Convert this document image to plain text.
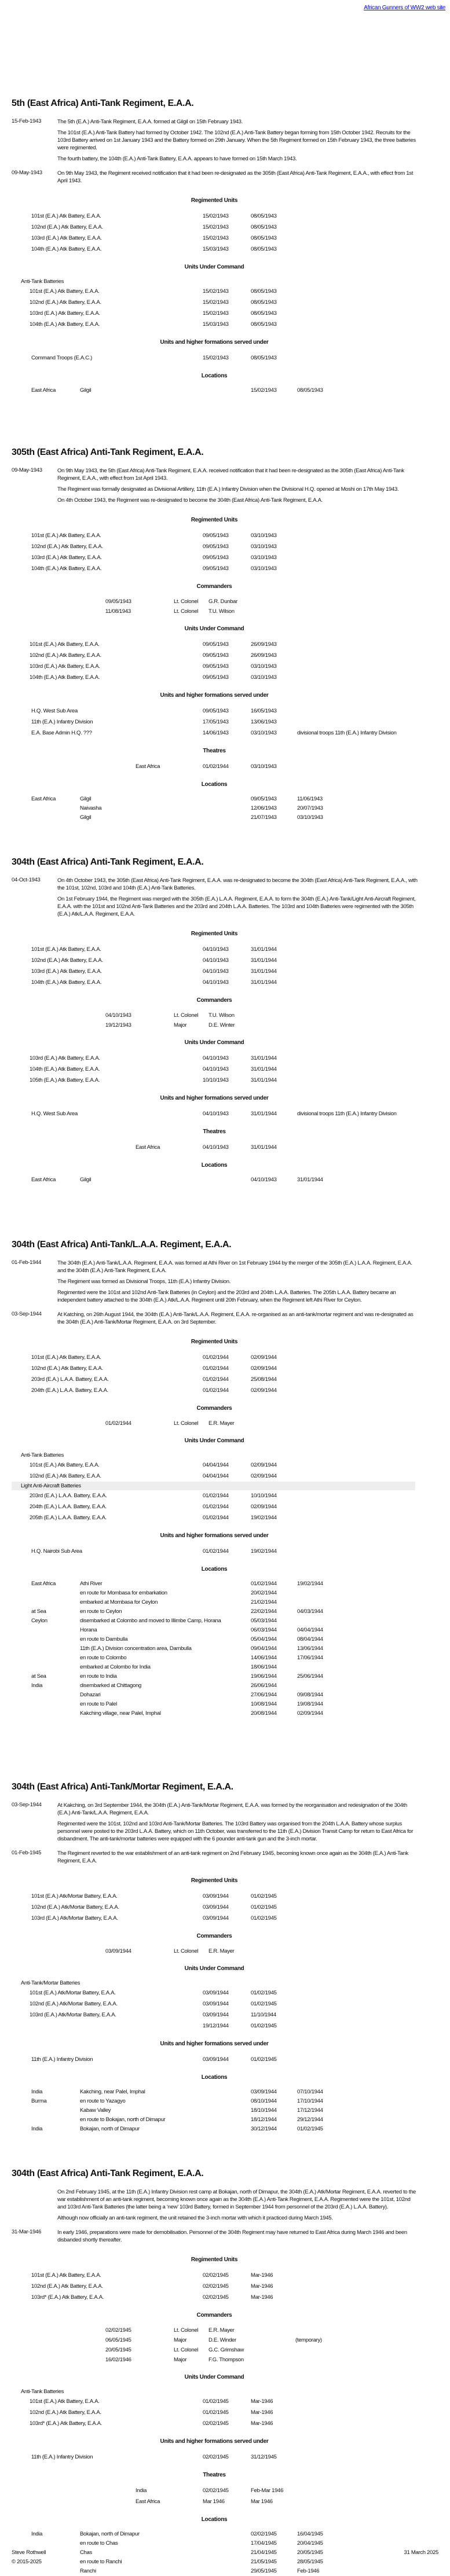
African Gunners of WW2 web site
5th (East Africa) Anti-Tank Regiment, E.A.A.
15-Feb-1943	The 5th (E.A.) Anti-Tank Regiment, E.A.A. formed at Gilgil on 15th February 1943.

The 101st (E.A.) Anti-Tank Battery had formed by October 1942. The 102nd (E.A.) Anti-Tank Battery began forming from 15th October 1942. Recruits for the 103rd Battery arrived on 1st January 1943 and the Battery formed on 29th January. When the 5th Regiment formed on 15th February 1943, the three batteries were regimented.

The fourth battery, the 104th (E.A.) Anti-Tank Battery, E.A.A. appears to have formed on 15th March 1943.

09-May-1943	On 9th May 1943, the Regiment received notification that it had been re-designated as the 305th (East Africa) Anti-Tank Regiment, E.A.A., with effect from 1st April 1943.

Regimented Units
101st (E.A.) Atk Battery, E.A.A.	15/02/1943	08/05/1943
102nd (E.A.) Atk Battery, E.A.A.	15/02/1943	08/05/1943
103rd (E.A.) Atk Battery, E.A.A.	15/02/1943	08/05/1943
104th (E.A.) Atk Battery, E.A.A.	15/03/1943	08/05/1943
Units Under Command
Anti-Tank Batteries
101st (E.A.) Atk Battery, E.A.A.	15/02/1943	08/05/1943
102nd (E.A.) Atk Battery, E.A.A.	15/02/1943	08/05/1943
103rd (E.A.) Atk Battery, E.A.A.	15/02/1943	08/05/1943
104th (E.A.) Atk Battery, E.A.A.	15/03/1943	08/05/1943
Units and higher formations served under
Command Troops (E.A.C.)	15/02/1943	08/05/1943
Locations
East Africa	Gilgil	15/02/1943	08/05/1943
305th (East Africa) Anti-Tank Regiment, E.A.A.
09-May-1943	On 9th May 1943, the 5th (East Africa) Anti-Tank Regiment, E.A.A. received notification that it had been re-designated as the 305th (East Africa) Anti-Tank Regiment, E.A.A., with effect from 1st April 1943.

The Regiment was formally designated as Divisional Artillery, 11th (E.A.) Infantry Division when the Divisional H.Q. opened at Moshi on 17th May 1943.

On 4th October 1943, the Regiment was re-designated to become the 304th (East Africa) Anti-Tank Regiment, E.A.A.

Regimented Units
101st (E.A.) Atk Battery, E.A.A.	09/05/1943	03/10/1943
102nd (E.A.) Atk Battery, E.A.A.	09/05/1943	03/10/1943
103rd (E.A.) Atk Battery, E.A.A.	09/05/1943	03/10/1943
104th (E.A.) Atk Battery, E.A.A.	09/05/1943	03/10/1943
Commanders
09/05/1943	Lt. Colonel	G.R. Dunbar
11/08/1943	Lt. Colonel	T.U. Wilson
Units Under Command
101st (E.A.) Atk Battery, E.A.A.	09/05/1943	26/09/1943
102nd (E.A.) Atk Battery, E.A.A.	09/05/1943	26/09/1943
103rd (E.A.) Atk Battery, E.A.A.	09/05/1943	03/10/1943
104th (E.A.) Atk Battery, E.A.A.	09/05/1943	03/10/1943
Units and higher formations served under
H.Q. West Sub Area	09/05/1943	16/05/1943
11th (E.A.) Infantry Division	17/05/1943	13/06/1943
E.A. Base Admin H.Q. ???	14/06/1943	03/10/1943	divisional troops 11th (E.A.) Infantry Division
Theatres
East Africa	01/02/1944	03/10/1943
Locations
East Africa	Gilgil	09/05/1943	11/06/1943
Naivasha	12/06/1943	20/07/1943
Gilgil	21/07/1943	03/10/1943
304th (East Africa) Anti-Tank Regiment, E.A.A.
04-Oct-1943	On 4th October 1943, the 305th (East Africa) Anti-Tank Regiment, E.A.A. was re-designated to become the 304th (East Africa) Anti-Tank Regiment, E.A.A., with the 101st, 102nd, 103rd and 104th (E.A.) Anti-Tank Batteries.

On 1st February 1944, the Regiment was merged with the 305th (E.A.) L.A.A. Regiment, E.A.A. to form the 304th (E.A.) Anti-Tank/Light Anti-Aircraft Regiment, E.A.A. with the 101st and 102nd Anti-Tank Batteries and the 203rd and 204th L.A.A. Batteries. The 103rd and 104th Batteries were regimented with the 305th (E.A.) Atk/L.A.A. Regiment, E.A.A.

Regimented Units
101st (E.A.) Atk Battery, E.A.A.	04/10/1943	31/01/1944
102nd (E.A.) Atk Battery, E.A.A.	04/10/1943	31/01/1944
103rd (E.A.) Atk Battery, E.A.A.	04/10/1943	31/01/1944
104th (E.A.) Atk Battery, E.A.A.	04/10/1943	31/01/1944
Commanders
04/10/1943	Lt. Colonel	T.U. Wilson
19/12/1943	Major	D.E. Winter
Units Under Command
103rd (E.A.) Atk Battery, E.A.A.	04/10/1943	31/01/1944
104th (E.A.) Atk Battery, E.A.A.	04/10/1943	31/01/1944
105th (E.A.) Atk Battery, E.A.A.	10/10/1943	31/01/1944
Units and higher formations served under
H.Q. West Sub Area	04/10/1943	31/01/1944	divisional troops 11th (E.A.) Infantry Division
Theatres
East Africa	04/10/1943	31/01/1944
Locations
East Africa	Gilgil	04/10/1943	31/01/1944
304th (East Africa) Anti-Tank/L.A.A. Regiment, E.A.A.
01-Feb-1944	The 304th (E.A.) Anti-Tank/L.A.A. Regiment, E.A.A. was formed at Athi River on 1st February 1944 by the merger of the 305th (E.A.) L.A.A. Regiment, E.A.A. and the 304th (E.A.) Anti-Tank Regiment, E.A.A.

The Regiment was formed as Divisional Troops, 11th (E.A.) Infantry Division.

Regimented were the 101st and 102nd Anti-Tank Batteries (in Ceylon) and the 203rd and 204th L.A.A. Batteries. The 205th L.A.A. Battery became an independent battery attached to the 304th (E.A.) Atk/L.A.A. Regiment until 20th February, when the Regiment left Athi River for Ceylon.

03-Sep-1944	At Katching, on 26th August 1944, the 304th (E.A.) Anti-Tank/L.A.A. Regiment, E.A.A. re-organised as an anti-tank/mortar regiment and was re-designated as the 304th (E.A.) Anti-Tank/Mortar Regiment, E.A.A. on 3rd September.

Regimented Units
101st (E.A.) Atk Battery, E.A.A.	01/02/1944	02/09/1944
102nd (E.A.) Atk Battery, E.A.A.	01/02/1944	02/09/1944
203rd (E.A.) L.A.A. Battery, E.A.A.	01/02/1944	25/08/1944
204th (E.A.) L.A.A. Battery, E.A.A.	01/02/1944	02/09/1944
Commanders
01/02/1944	Lt. Colonel	E.R. Mayer
Units Under Command
Anti-Tank Batteries
101st (E.A.) Atk Battery, E.A.A.	04/04/1944	02/09/1944
102nd (E.A.) Atk Battery, E.A.A.	04/04/1944	02/09/1944
Light Anti-Aircraft Batteries
203rd (E.A.) L.A.A. Battery, E.A.A.	01/02/1944	10/10/1944
204th (E.A.) L.A.A. Battery, E.A.A.	01/02/1944	02/09/1944
205th (E.A.) L.A.A. Battery, E.A.A.	01/02/1944	19/02/1944
Units and higher formations served under
H.Q. Nairobi Sub Area	01/02/1944	19/02/1944
Locations
East Africa	Athi River	01/02/1944	19/02/1944
en route for Mombasa for embarkation	20/02/1944
embarked at Mombasa for Ceylon	21/02/1944
at Sea	en route to Ceylon	22/02/1944	04/03/1944
Ceylon	disembarked at Colombo and moved to Illimbe Camp, Horana	05/03/1944
Horana	06/03/1944	04/04/1944
en route to Dambulla	05/04/1944	08/04/1944
11th (E.A.) Division concentration area, Dambulla	09/04/1944	13/06/1944
en route to Colombo	14/06/1944	17/06/1944
embarked at Colombo for India	18/06/1944
at Sea	en route to India	19/06/1944	25/06/1944
India	disembarked at Chittagong	26/06/1944
Dohazari	27/06/1944	09/08/1944
en route to Palel	10/08/1944	19/08/1944
Kakching village, near Palel, Imphal	20/08/1944	02/09/1944
304th (East Africa) Anti-Tank/Mortar Regiment, E.A.A.
03-Sep-1944	At Kakching, on 3rd September 1944, the 304th (E.A.) Anti-Tank/Mortar Regiment, E.A.A. was formed by the reorganisation and redesignation of the 304th (E.A.) Anti-Tank/L.A.A. Regiment, E.A.A.

Regimented were the 101st, 102nd and 103rd Anti-Tank/Mortar Batteries. The 103rd Battery was organised from the 204th L.A.A. Battery whose surplus personnel were posted to the 203rd L.A.A. Battery, which on 11th October, was transferred to the 11th (E.A.) Division Transit Camp for return to East Africa for disbandment. The anti-tank/mortar batteries were equipped with the 6 pounder anti-tank gun and the 3-inch mortar.

01-Feb-1945	The Regiment reverted to the war establishment of an anti-tank regiment on 2nd February 1945, becoming known once again as the 304th (E.A.) Anti-Tank Regiment, E.A.A.

Regimented Units
101st (E.A.) Atk/Mortar Battery, E.A.A.	03/09/1944	01/02/1945
102nd (E.A.) Atk/Mortar Battery, E.A.A.	03/09/1944	01/02/1945
103rd (E.A.) Atk/Mortar Battery, E.A.A.	03/09/1944	01/02/1945
Commanders
03/09/1944	Lt. Colonel	E.R. Mayer
Units Under Command
Anti-Tank/Mortar Batteries
101st (E.A.) Atk/Mortar Battery, E.A.A.	03/09/1944	01/02/1945
102nd (E.A.) Atk/Mortar Battery, E.A.A.	03/09/1944	01/02/1945
103rd (E.A.) Atk/Mortar Battery, E.A.A.	03/09/1944	11/10/1944
19/12/1944	01/02/1945
Units and higher formations served under
11th (E.A.) Infantry Division	03/09/1944	01/02/1945
Locations
India	Kakching, near Palel, Imphal	03/09/1944	07/10/1944
Burma	en route to Yazagyo	08/10/1944	17/10/1944
Kabaw Valley	18/10/1944	17/12/1944
en route to Bokajan, north of Dimapur	18/12/1944	29/12/1944
India	Bokajan, north of Dimapur	30/12/1944	01/02/1945
304th (East Africa) Anti-Tank Regiment, E.A.A.

On 2nd February 1945, at the 11th (E.A.) Infantry Division rest camp at Bokajan, north of Dimapur, the 304th (E.A.) Atk/Mortar Regiment, E.A.A. reverted to the war establishment of an anti-tank regiment, becoming known once again as the 304th (E.A.) Anti-Tank Regiment, E.A.A. Regimented were the 101st, 102nd and 103rd Anti-Tank Batteries (the latter being a ‘new’ 103rd Battery, formed in September 1944 from personnel of the 203rd (E.A.) L.A.A. Battery).

Although now officially an anti-tank regiment, the unit retained the 3-inch mortar with which it practiced during March 1945.

31-Mar-1946	In early 1946, preparations were made for demobilisation. Personnel of the 304th Regiment may have returned to East Africa during March 1946 and been disbanded shortly thereafter.

Regimented Units
101st (E.A.) Atk Battery, E.A.A.	02/02/1945	Mar-1946
102nd (E.A.) Atk Battery, E.A.A.	02/02/1945	Mar-1946
103rd* (E.A.) Atk Battery, E.A.A.	02/02/1945	Mar-1946
Commanders
02/02/1945	Lt. Colonel	E.R. Mayer
06/05/1945	Major	D.E. Winder	(temporary)
20/05/1945	Lt. Colonel	G.C. Grimshaw
16/02/1946	Major	F.G. Thompson
Units Under Command
Anti-Tank Batteries
101st (E.A.) Atk Battery, E.A.A.	01/02/1945	Mar-1946
102nd (E.A.) Atk Battery, E.A.A.	01/02/1945	Mar-1946
103rd* (E.A.) Atk Battery, E.A.A.	02/02/1945	Mar-1946
Units and higher formations served under
11th (E.A.) Infantry Division	02/02/1945	31/12/1945
Theatres
India	02/02/1945	Feb-Mar 1946
East Africa	Mar 1946	Mar 1946
Locations
India	Bokajan, north of Dimapur	02/02/1945	16/04/1945
en route to Chas	17/04/1945	20/04/1945
Chas	21/04/1945	20/05/1945
en route to Ranchi	21/05/1945	28/05/1945
Ranchi	29/05/1945	Feb-1946
Steve Rothwell
© 2015-2025
31 March 2025
